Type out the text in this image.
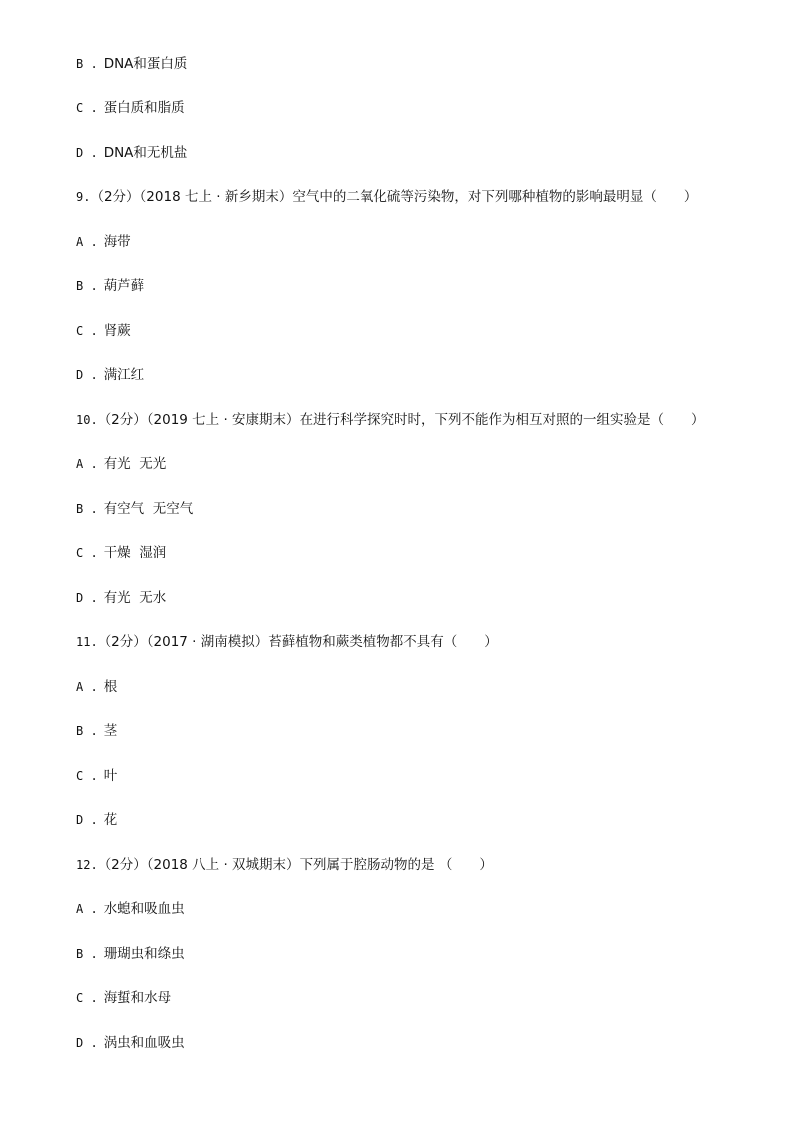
B . DNA和蛋白质
C . 蛋白质和脂质
D . DNA和无机盐
9.（2分）（2018 七上 · 新乡期末）空气中的二氧化硫等污染物，对下列哪种植物的影响最明显（　　）
A . 海带
B . 葫芦藓
C . 肾蕨
D . 满江红
10.（2分）（2019 七上 · 安康期末）在进行科学探究时时，下列不能作为相互对照的一组实验是（　　）
A . 有光  无光
B . 有空气  无空气
C . 干燥  湿润
D . 有光  无水
11.（2分）（2017 · 湖南模拟）苔藓植物和蕨类植物都不具有（　　）
A . 根
B . 茎
C . 叶
D . 花
12.（2分）（2018 八上 · 双城期末）下列属于腔肠动物的是 （　　）
A . 水螅和吸血虫
B . 珊瑚虫和绦虫
C . 海蜇和水母
D . 涡虫和血吸虫
